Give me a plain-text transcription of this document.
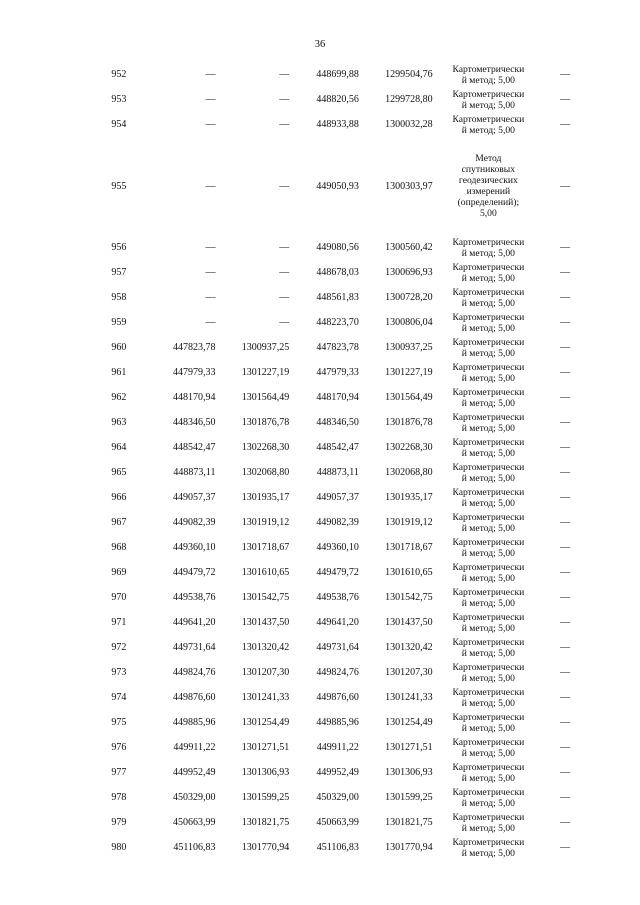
36
952	—	—	448699,88	1299504,76	Картометрически
й метод; 5,00	—
953	—	—	448820,56	1299728,80	Картометрически
й метод; 5,00	—
954	—	—	448933,88	1300032,28	Картометрически
й метод; 5,00	—
955	—	—	449050,93	1300303,97
Метод
спутниковых
геодезических
измерений
(определений);
5,00
—
956	—	—	449080,56	1300560,42	Картометрически
й метод; 5,00	—
957	—	—	448678,03	1300696,93	Картометрически
й метод; 5,00	—
958	—	—	448561,83	1300728,20	Картометрически
й метод; 5,00	—
959	—	—	448223,70	1300806,04	Картометрически
й метод; 5,00	—
960	447823,78	1300937,25	447823,78	1300937,25	Картометрически
й метод; 5,00	—
961	447979,33	1301227,19	447979,33	1301227,19	Картометрически
й метод; 5,00	—
962	448170,94	1301564,49	448170,94	1301564,49	Картометрически
й метод; 5,00	—
963	448346,50	1301876,78	448346,50	1301876,78	Картометрически
й метод; 5,00	—
964	448542,47	1302268,30	448542,47	1302268,30	Картометрически
й метод; 5,00	—
965	448873,11	1302068,80	448873,11	1302068,80	Картометрически
й метод; 5,00	—
966	449057,37	1301935,17	449057,37	1301935,17	Картометрически
й метод; 5,00	—
967	449082,39	1301919,12	449082,39	1301919,12	Картометрически
й метод; 5,00	—
968	449360,10	1301718,67	449360,10	1301718,67	Картометрически
й метод; 5,00	—
969	449479,72	1301610,65	449479,72	1301610,65	Картометрически
й метод; 5,00	—
970	449538,76	1301542,75	449538,76	1301542,75	Картометрически
й метод; 5,00	—
971	449641,20	1301437,50	449641,20	1301437,50	Картометрически
й метод; 5,00	—
972	449731,64	1301320,42	449731,64	1301320,42	Картометрически
й метод; 5,00	—
973	449824,76	1301207,30	449824,76	1301207,30	Картометрически
й метод; 5,00	—
974	449876,60	1301241,33	449876,60	1301241,33	Картометрически
й метод; 5,00	—
975	449885,96	1301254,49	449885,96	1301254,49	Картометрически
й метод; 5,00	—
976	449911,22	1301271,51	449911,22	1301271,51	Картометрически
й метод; 5,00	—
977	449952,49	1301306,93	449952,49	1301306,93	Картометрически
й метод; 5,00	—
978	450329,00	1301599,25	450329,00	1301599,25	Картометрически
й метод; 5,00	—
979	450663,99	1301821,75	450663,99	1301821,75	Картометрически
й метод; 5,00	—
980	451106,83	1301770,94	451106,83	1301770,94	Картометрически
й метод; 5,00	—
